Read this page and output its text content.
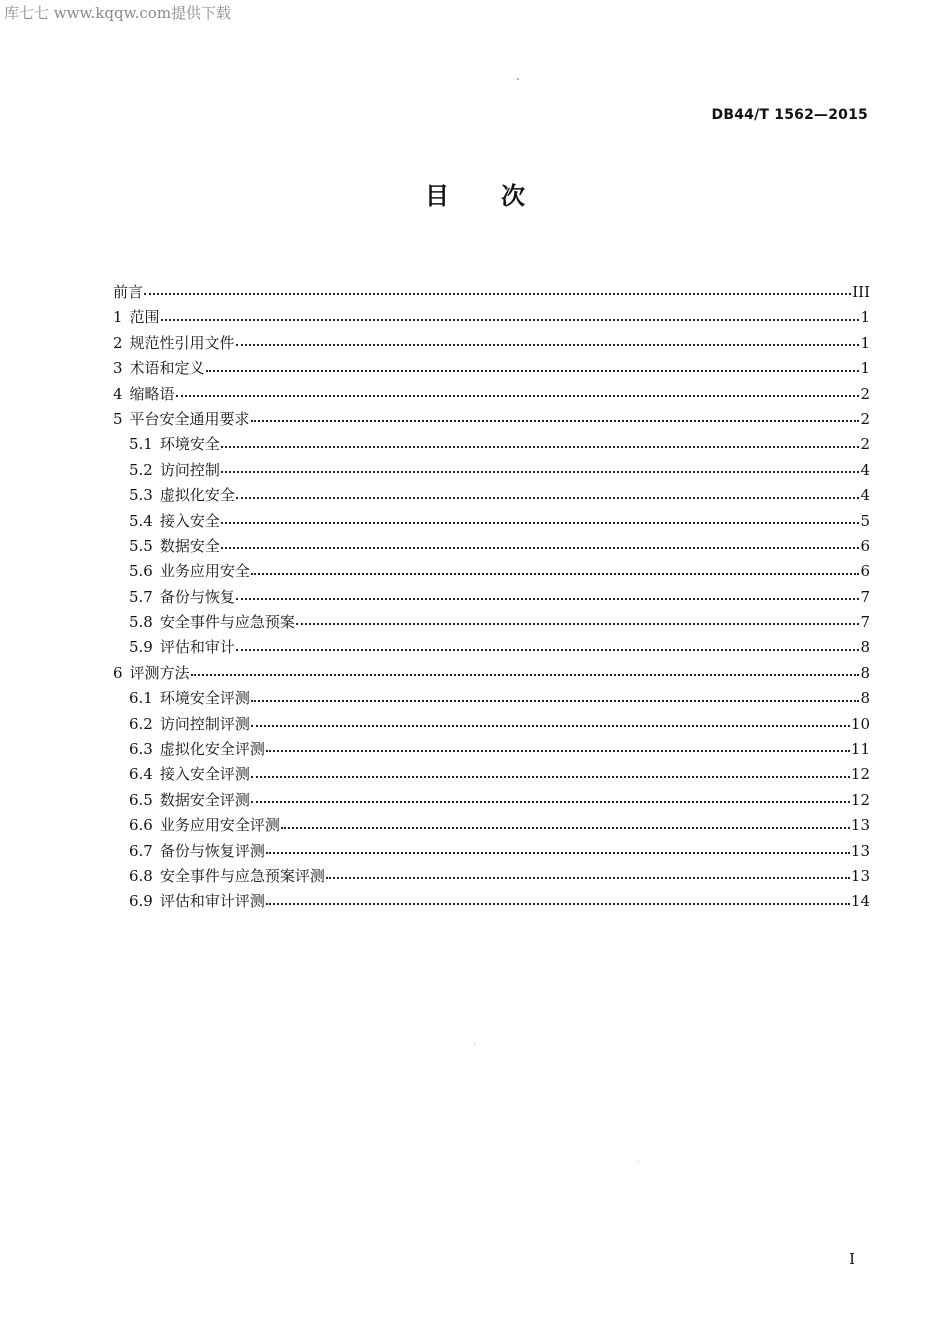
库七七 www.kqqw.com提供下载
DB44/T 1562—2015
目 次
前言	III
1 范围	1
2 规范性引用文件	1
3 术语和定义	1
4 缩略语	2
5 平台安全通用要求	2
5.1 环境安全	2
5.2 访问控制	4
5.3 虚拟化安全	4
5.4 接入安全	5
5.5 数据安全	6
5.6 业务应用安全	6
5.7 备份与恢复	7
5.8 安全事件与应急预案	7
5.9 评估和审计	8
6 评测方法	8
6.1 环境安全评测	8
6.2 访问控制评测	10
6.3 虚拟化安全评测	11
6.4 接入安全评测	12
6.5 数据安全评测	12
6.6 业务应用安全评测	13
6.7 备份与恢复评测	13
6.8 安全事件与应急预案评测	13
6.9 评估和审计评测	14
I
